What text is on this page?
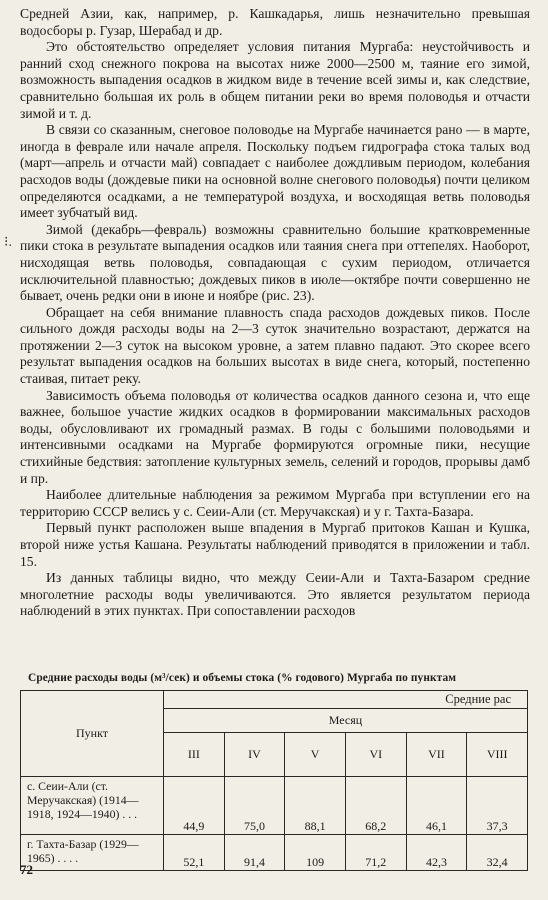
Средней Азии, как, например, р. Кашкадарья, лишь незначительно превышая водосборы р. Гузар, Шерабад и др.

Это обстоятельство определяет условия питания Мургаба: неустойчивость и ранний сход снежного покрова на высотах ниже 2000—2500 м, таяние его зимой, возможность выпадения осадков в жидком виде в течение всей зимы и, как следствие, сравнительно большая их роль в общем питании реки во время половодья и отчасти зимой и т. д.

В связи со сказанным, снеговое половодье на Мургабе начинается рано — в марте, иногда в феврале или начале апреля. Поскольку подъем гидрографа стока талых вод (март—апрель и отчасти май) совпадает с наиболее дождливым периодом, колебания расходов воды (дождевые пики на основной волне снегового половодья) почти целиком определяются осадками, а не температурой воздуха, и восходящая ветвь половодья имеет зубчатый вид.

Зимой (декабрь—февраль) возможны сравнительно большие кратковременные пики стока в результате выпадения осадков или таяния снега при оттепелях. Наоборот, нисходящая ветвь половодья, совпадающая с сухим периодом, отличается исключительной плавностью; дождевых пиков в июле—октябре почти совершенно не бывает, очень редки они в июне и ноябре (рис. 23).

Обращает на себя внимание плавность спада расходов дождевых пиков. После сильного дождя расходы воды на 2—3 суток значительно возрастают, держатся на протяжении 2—3 суток на высоком уровне, а затем плавно падают. Это скорее всего результат выпадения осадков на больших высотах в виде снега, который, постепенно стаивая, питает реку.

Зависимость объема половодья от количества осадков данного сезона и, что еще важнее, большое участие жидких осадков в формировании максимальных расходов воды, обусловливают их громадный размах. В годы с большими половодьями и интенсивными осадками на Мургабе формируются огромные пики, несущие стихийные бедствия: затопление культурных земель, селений и городов, прорывы дамб и пр.

Наиболее длительные наблюдения за режимом Мургаба при вступлении его на территорию СССР велись у с. Сеии-Али (ст. Меручакская) и у г. Тахта-Базара.

Первый пункт расположен выше впадения в Мургаб притоков Кашан и Кушка, второй ниже устья Кашана. Результаты наблюдений приводятся в приложении и табл. 15.

Из данных таблицы видно, что между Сеии-Али и Тахта-Базаром средние многолетние расходы воды увеличиваются. Это является результатом периода наблюдений в этих пунктах. При сопоставлении расходов

⁝.
Средние расходы воды (м³/сек) и объемы стока (% годового) Мургаба по пунктам
Пункт	Средние рас					
	Месяц					
	III	IV	V	VI	VII	VIII
с. Сеии-Али (ст. Меручакская) (1914—1918, 1924—1940) . . .	44,9	75,0	88,1	68,2	46,1	37,3
г. Тахта-Базар (1929—1965) . . . .	52,1	91,4	109	71,2	42,3	32,4
72
